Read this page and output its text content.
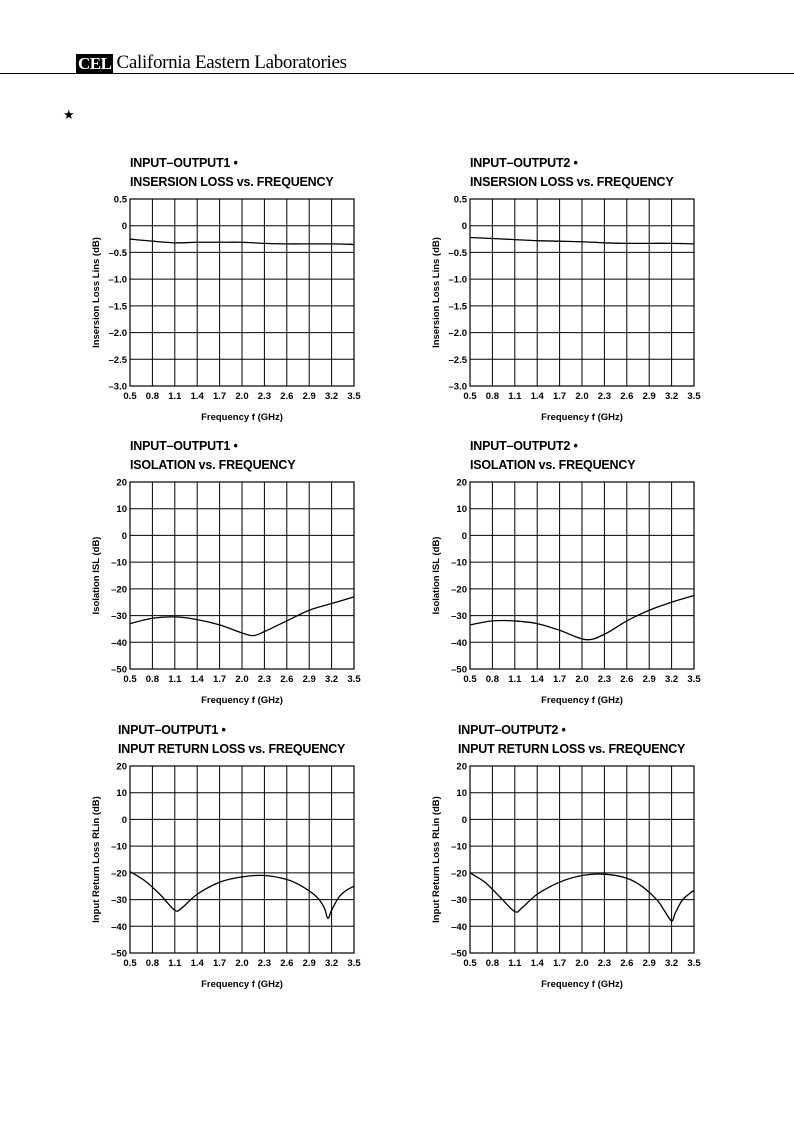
CEL California Eastern Laboratories
★
INPUT–OUTPUT1 •
INSERSION LOSS vs. FREQUENCY
0.5 0.8 1.1 1.4 1.7 2.0 2.3 2.6 2.9 3.2 3.5
0.5
0
–0.5
–1.0
–1.5
–2.0
–2.5
–3.0
Frequency f (GHz)
Insersion Loss Lins (dB)
INPUT–OUTPUT2 •
INSERSION LOSS vs. FREQUENCY
0.5 0.8 1.1 1.4 1.7 2.0 2.3 2.6 2.9 3.2 3.5
0.5
0
–0.5
–1.0
–1.5
–2.0
–2.5
–3.0
Frequency f (GHz)
Insersion Loss Lins (dB)
INPUT–OUTPUT1 •
ISOLATION vs. FREQUENCY
0.5 0.8 1.1 1.4 1.7 2.0 2.3 2.6 2.9 3.2 3.5
20
10
0
–10
–20
–30
–40
–50
Frequency f (GHz)
Isolation ISL (dB)
INPUT–OUTPUT2 •
ISOLATION vs. FREQUENCY
0.5 0.8 1.1 1.4 1.7 2.0 2.3 2.6 2.9 3.2 3.5
20
10
0
–10
–20
–30
–40
–50
Frequency f (GHz)
Isolation ISL (dB)
INPUT–OUTPUT1 •
INPUT RETURN LOSS vs. FREQUENCY
0.5 0.8 1.1 1.4 1.7 2.0 2.3 2.6 2.9 3.2 3.5
20
10
0
–10
–20
–30
–40
–50
Frequency f (GHz)
Input Return Loss RLin (dB)
INPUT–OUTPUT2 •
INPUT RETURN LOSS vs. FREQUENCY
0.5 0.8 1.1 1.4 1.7 2.0 2.3 2.6 2.9 3.2 3.5
20
10
0
–10
–20
–30
–40
–50
Frequency f (GHz)
Input Return Loss RLin (dB)
